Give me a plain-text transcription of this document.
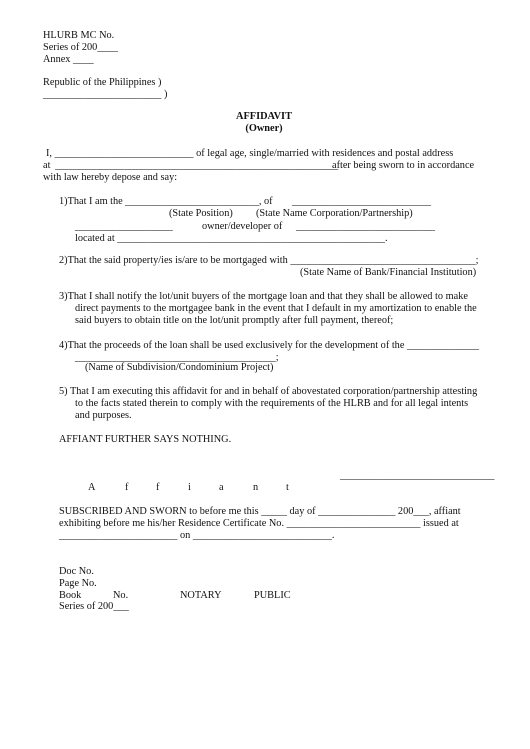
HLURB MC No.
Series of 200____
Annex ____
Republic of the Philippines )
_______________________ )
AFFIDAVIT
(Owner)
I, ___________________________ of legal age, single/married with residences and postal address
at _______________________________________________________
after being sworn to in accordance
with law hereby depose and say:
1)That I am the __________________________, of ___________________________
(State Position) (State Name Corporation/Partnership)
___________________	owner/developer of ___________________________
located at ____________________________________________________.
2)That the said property/ies is/are to be mortgaged with ____________________________________;
(State Name of Bank/Financial Institution)
3)That I shall notify the lot/unit buyers of the mortgage loan and that they shall be allowed to make
direct payments to the mortgagee bank in the event that I default in my amortization to enable the
said buyers to obtain title on the lot/unit promptly after full payment, thereof;
4)That the proceeds of the loan shall be used exclusively for the development of the ______________
_______________________________________;
(Name of Subdivision/Condominium Project)
5) That I am executing this affidavit for and in behalf of abovestated corporation/partnership attesting
to the facts stated therein to comply with the requirements of the HLRB and for all legal intents
and purposes.
AFFIANT FURTHER SAYS NOTHING.
______________________________
A	f	f	i	a	n	t
SUBSCRIBED AND SWORN to before me this _____ day of _______________ 200___, affiant
exhibiting before me his/her Residence Certificate No. __________________________ issued at
_______________________ on ___________________________.
Doc No.
Page No.
Book	No.	NOTARY	PUBLIC
Series of 200___
